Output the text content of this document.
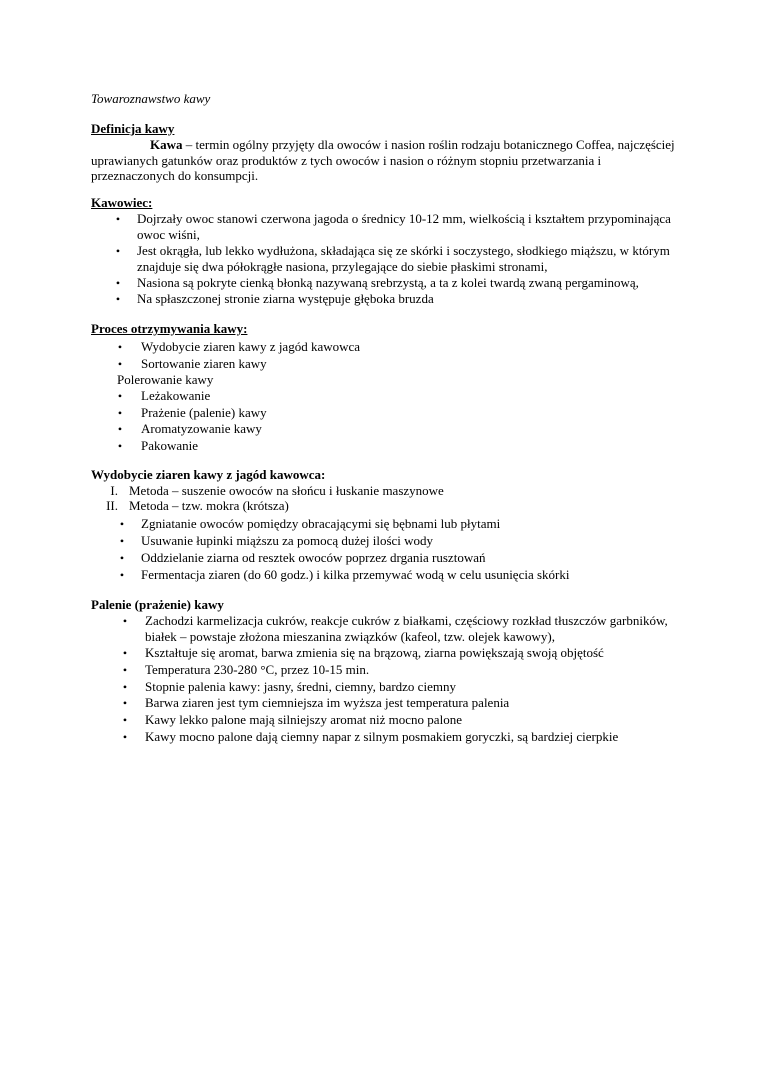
Towaroznawstwo kawy
Definicja kawy
Kawa – termin ogólny przyjęty dla owoców i nasion roślin rodzaju botanicznego Coffea, najczęściej
uprawianych gatunków oraz produktów z tych owoców i nasion o różnym stopniu przetwarzania i
przeznaczonych do konsumpcji.
Kawowiec:
• Dojrzały owoc stanowi czerwona jagoda o średnicy 10-12 mm, wielkością i kształtem przypominająca
owoc wiśni,
• Jest okrągła, lub lekko wydłużona, składająca się ze skórki i soczystego, słodkiego miąższu, w którym
znajduje się dwa półokrągłe nasiona, przylegające do siebie płaskimi stronami,
• Nasiona są pokryte cienką błonką nazywaną srebrzystą, a ta z kolei twardą zwaną pergaminową,
• Na spłaszczonej stronie ziarna występuje głęboka bruzda
Proces otrzymywania kawy:
• Wydobycie ziaren kawy z jagód kawowca
• Sortowanie ziaren kawy
Polerowanie kawy
• Leżakowanie
• Prażenie (palenie) kawy
• Aromatyzowanie kawy
• Pakowanie
Wydobycie ziaren kawy z jagód kawowca:
I. Metoda – suszenie owoców na słońcu i łuskanie maszynowe
II. Metoda – tzw. mokra (krótsza)
• Zgniatanie owoców pomiędzy obracającymi się bębnami lub płytami
• Usuwanie łupinki miąższu za pomocą dużej ilości wody
• Oddzielanie ziarna od resztek owoców poprzez drgania rusztowań
• Fermentacja ziaren (do 60 godz.) i kilka przemywać wodą w celu usunięcia skórki
Palenie (prażenie) kawy
• Zachodzi karmelizacja cukrów, reakcje cukrów z białkami, częściowy rozkład tłuszczów garbników,
białek – powstaje złożona mieszanina związków (kafeol, tzw. olejek kawowy),
• Kształtuje się aromat, barwa zmienia się na brązową, ziarna powiększają swoją objętość
• Temperatura 230-280 °C, przez 10-15 min.
• Stopnie palenia kawy: jasny, średni, ciemny, bardzo ciemny
• Barwa ziaren jest tym ciemniejsza im wyższa jest temperatura palenia
• Kawy lekko palone mają silniejszy aromat niż mocno palone
• Kawy mocno palone dają ciemny napar z silnym posmakiem goryczki, są bardziej cierpkie
